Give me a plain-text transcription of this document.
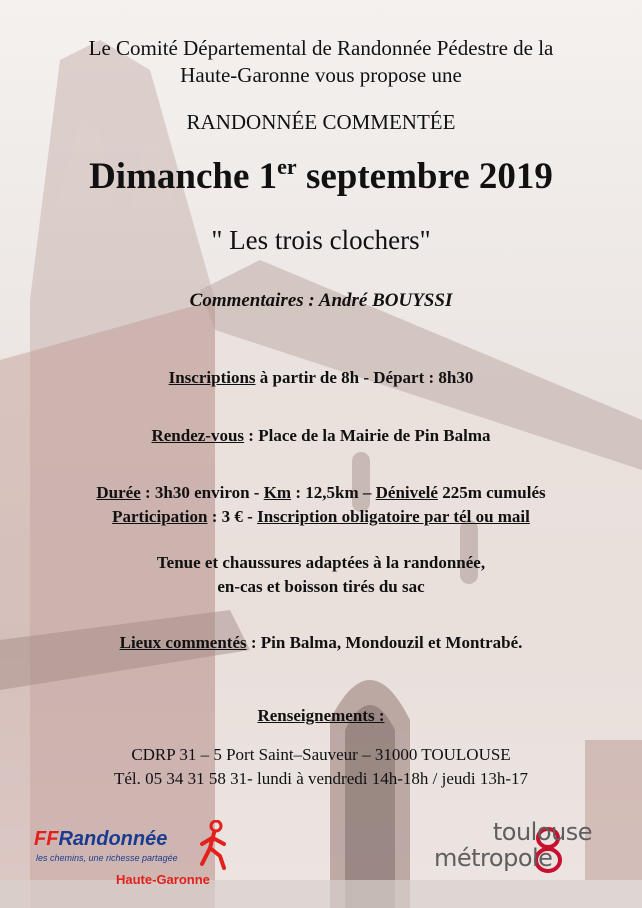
Le Comité Départemental de Randonnée Pédestre de la
Haute-Garonne vous propose une
RANDONNÉE COMMENTÉE
Dimanche 1er septembre 2019
" Les trois clochers"
Commentaires : André BOUYSSI
Inscriptions à partir de 8h - Départ : 8h30
Rendez-vous : Place de la Mairie de Pin Balma
Durée : 3h30 environ - Km : 12,5km – Dénivelé 225m cumulés
Participation : 3 € - Inscription obligatoire par tél ou mail
Tenue et chaussures adaptées à la randonnée,
en-cas et boisson tirés du sac
Lieux commentés : Pin Balma, Mondouzil et Montrabé.
Renseignements :
CDRP 31 – 5 Port Saint–Sauveur – 31000 TOULOUSE
Tél. 05 34 31 58 31- lundi à vendredi 14h-18h / jeudi 13h-17
FFRandonnée
les chemins, une richesse partagée
Haute-Garonne
toulouse
métropole
